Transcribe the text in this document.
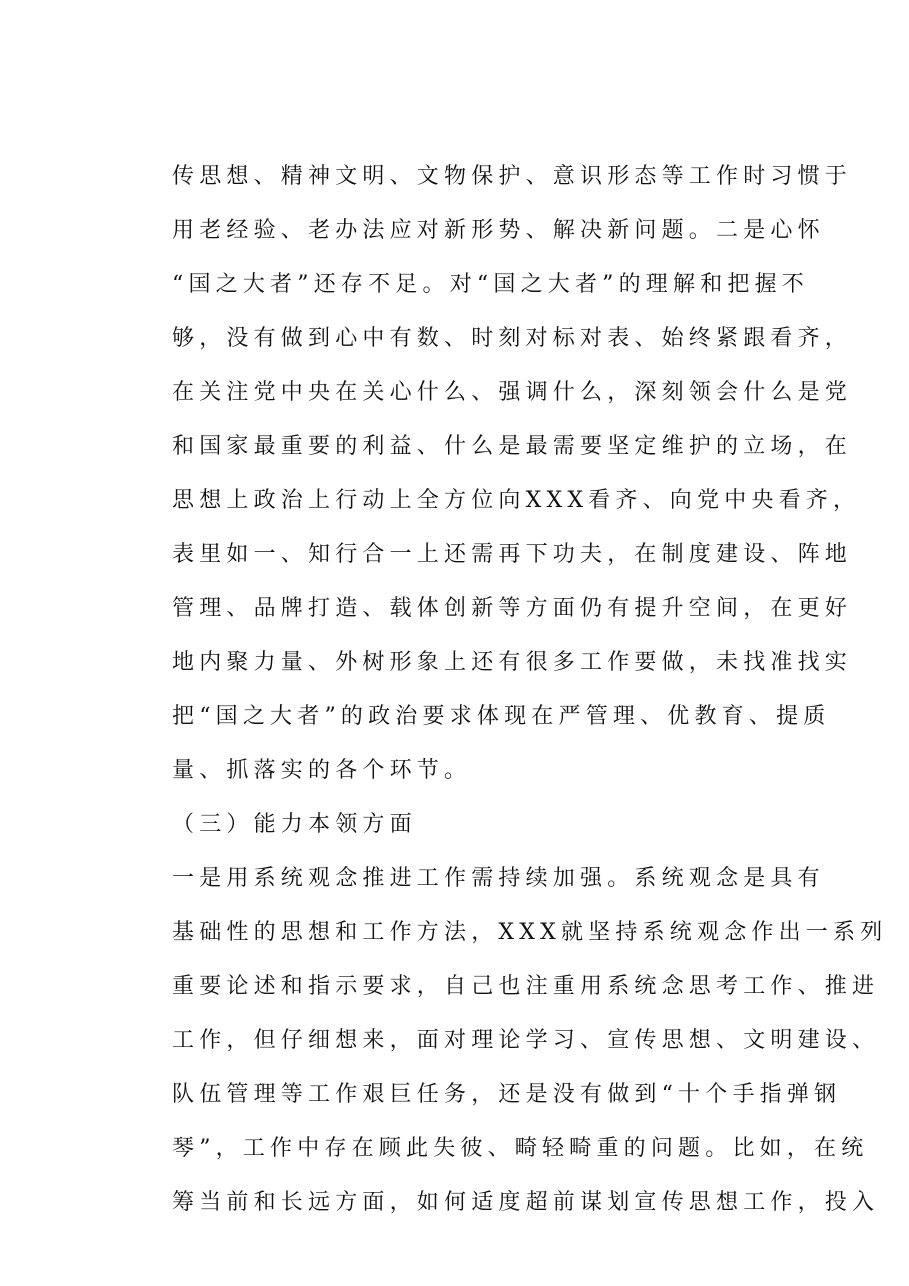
传思想、精神文明、文物保护、意识形态等工作时习惯于

用老经验、老办法应对新形势、解决新问题。二是心怀

“国之大者”还存不足。对“国之大者”的理解和把握不

够，没有做到心中有数、时刻对标对表、始终紧跟看齐，

在关注党中央在关心什么、强调什么，深刻领会什么是党

和国家最重要的利益、什么是最需要坚定维护的立场，在

思想上政治上行动上全方位向XXX看齐、向党中央看齐，

表里如一、知行合一上还需再下功夫，在制度建设、阵地

管理、品牌打造、载体创新等方面仍有提升空间，在更好

地内聚力量、外树形象上还有很多工作要做，未找准找实

把“国之大者”的政治要求体现在严管理、优教育、提质

量、抓落实的各个环节。

（三）能力本领方面

一是用系统观念推进工作需持续加强。系统观念是具有

基础性的思想和工作方法，XXX就坚持系统观念作出一系列

重要论述和指示要求，自己也注重用系统念思考工作、推进

工作，但仔细想来，面对理论学习、宣传思想、文明建设、

队伍管理等工作艰巨任务，还是没有做到“十个手指弹钢

琴”，工作中存在顾此失彼、畸轻畸重的问题。比如，在统

筹当前和长远方面，如何适度超前谋划宣传思想工作，投入
